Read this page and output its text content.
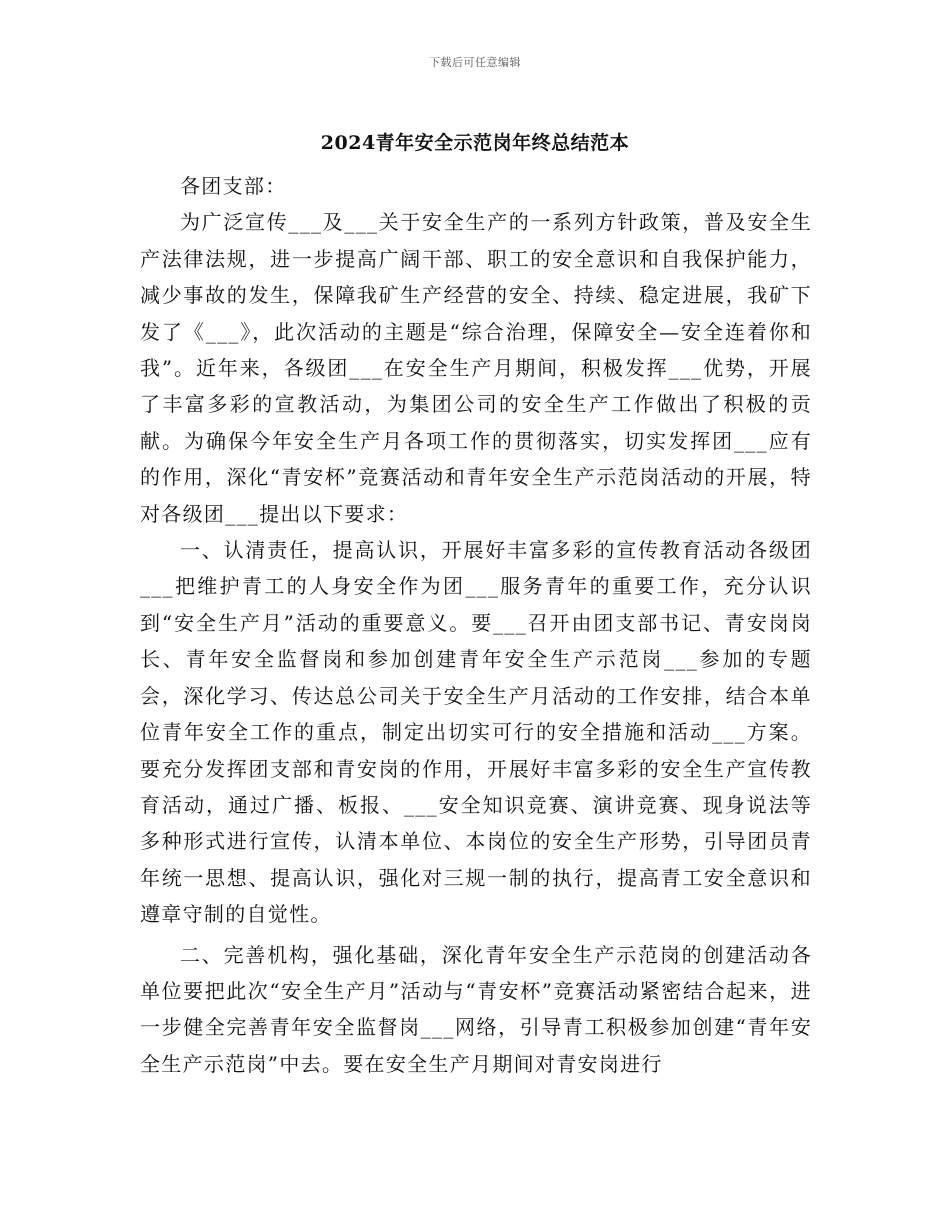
下载后可任意编辑
2024青年安全示范岗年终总结范本

各团支部：

为广泛宣传___及___关于安全生产的一系列方针政策，普及安全生产法律法规，进一步提高广阔干部、职工的安全意识和自我保护能力，减少事故的发生，保障我矿生产经营的安全、持续、稳定进展，我矿下发了《___》，此次活动的主题是“综合治理，保障安全—安全连着你和我”。近年来，各级团___在安全生产月期间，积极发挥___优势，开展了丰富多彩的宣教活动，为集团公司的安全生产工作做出了积极的贡献。为确保今年安全生产月各项工作的贯彻落实，切实发挥团___应有的作用，深化“青安杯”竞赛活动和青年安全生产示范岗活动的开展，特对各级团___提出以下要求：

一、认清责任，提高认识，开展好丰富多彩的宣传教育活动各级团___把维护青工的人身安全作为团___服务青年的重要工作，充分认识到“安全生产月”活动的重要意义。要___召开由团支部书记、青安岗岗长、青年安全监督岗和参加创建青年安全生产示范岗___参加的专题会，深化学习、传达总公司关于安全生产月活动的工作安排，结合本单位青年安全工作的重点，制定出切实可行的安全措施和活动___方案。要充分发挥团支部和青安岗的作用，开展好丰富多彩的安全生产宣传教育活动，通过广播、板报、___安全知识竞赛、演讲竞赛、现身说法等多种形式进行宣传，认清本单位、本岗位的安全生产形势，引导团员青年统一思想、提高认识，强化对三规一制的执行，提高青工安全意识和遵章守制的自觉性。

二、完善机构，强化基础，深化青年安全生产示范岗的创建活动各单位要把此次“安全生产月”活动与“青安杯”竞赛活动紧密结合起来，进一步健全完善青年安全监督岗___网络，引导青工积极参加创建“青年安全生产示范岗”中去。要在安全生产月期间对青安岗进行
